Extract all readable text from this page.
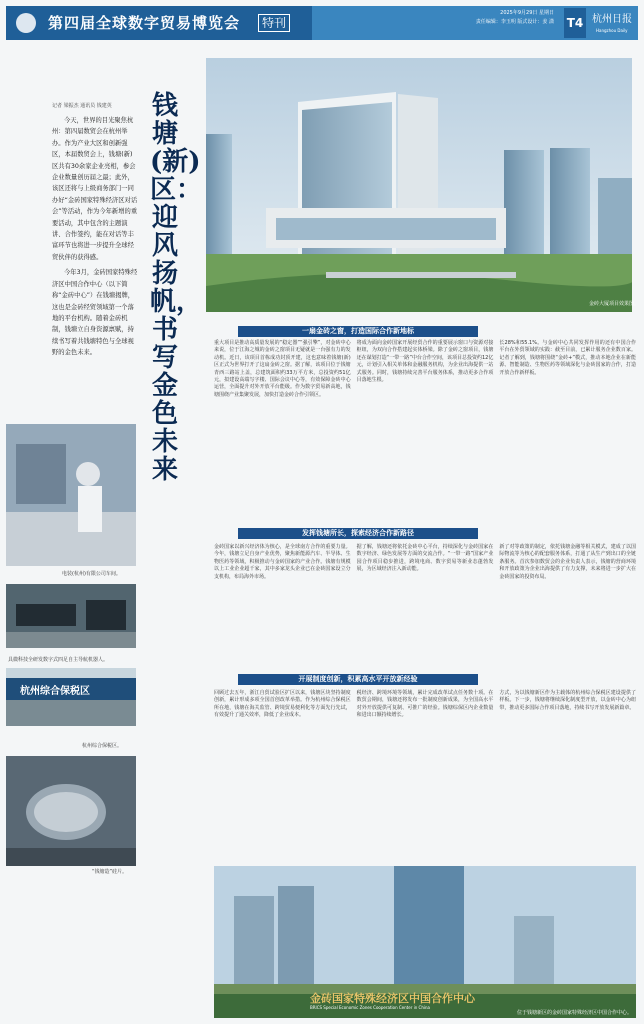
第四届全球数字贸易博览会	特刊
2025年9月29日 星期日
责任编辑：李玉明 版式设计：姜 潇 T4 杭州日报
Hangzhou Daily
记者 梁振杰 通讯员 钱建英

今天，世界的目光聚焦杭州：第四届数贸会在杭州举办。作为产业大区和创新强区，本届数贸会上，钱塘(新)区共有30余家企业亮相，参会企业数量创历届之最；此外，该区还将与上级商务部门一同办好“金砖国家特殊经济区对话会”等活动，作为今年新增的重要活动，其中包含的主题演讲、合作签约，能在对话等丰富环节也将进一步提升全球经贸伙伴的获得感。

今年3月，金砖国家特殊经济区中国合作中心（以下简称“金砖中心”）在钱塘揭牌，这也是金砖经贸领域第一个落地的平台机构。随着金砖机制，钱塘立自身资源禀赋，持续书写着共钱塘特色与全球视野的金色未来。

钱塘(新)区：迎风扬帆，书写金色未来
金砖大厦项目效果图。
电装(杭州)有限公司车间。
具微科技全研发数字式四足自主导航机器人。
杭州综合保税区
杭州综合保税区。
“钱塘造”硅片。
一扇金砖之窗，打造国际合作新地标
重大项目是推动高质量发展的“稳定器”“强引擎”，对金砖中心来说，位于江海之城的金砖之窗项目无疑就是一台强有力的发动机。近日，该项目首栋成功封顶开建，这也意味着钱塘(新)区正式为世界打开了这扇金砖之窗。据了解，该项目位于钱塘青西三路站上盖，总建筑面积约33万平方米，总投资约51亿元，拟建设高端写字楼、国际会议中心等，有效保障金砖中心运营，全面提升对外开放平台能级。作为数字贸易新高地，钱塘围绕产业集聚发展，加快打造金砖合作引领区。
将成为面向金砖国家开展经贸合作的重要展示窗口与资源对接枢纽，为双向合作搭建起实体桥梁。除了金砖之窗项目，钱塘还在谋划打造“一带一路”中台合作空间，该项目总投资约12亿元，计划引入相关单体和金融服务机构，为企业出海提供一站式服务。同时，钱塘持续完善平台服务体系，推动更多合作项目落地生根。
长28%和55.1%。与金砖中心共同发挥作用的还有中国合作平台在外贸领域的实践：截至目前，已累计服务企业数百家。记者了解到，钱塘将围绕“金砖+”模式，推动本地企业在新能源、智能制造、生物医药等领域深化与金砖国家的合作，打造开放合作新样板。
发挥钱塘所长，探索经济合作新路径
金砖国家以新兴经济体为核心，是全球南方合作的重要力量。今年，钱塘立足自身产业优势，聚焦新能源汽车、半导体、生物医药等领域，积极推动与金砖国家的产业合作。钱塘有规模以上工业企业超千家，其中多家龙头企业已在金砖国家设立分支机构，布局海外市场。
据了解，钱塘还将依托金砖中心平台，持续深化与金砖国家在数字经济、绿色发展等方面的交流合作。“一带一路”国家产业园合作项目稳步推进，跨境电商、数字贸易等新业态蓬勃发展，为区域经济注入新动能。
新了对等政策的制定，依托钱塘金融等相关模式，建成了以国际物流等为核心的配套服务体系，打通了从生产到出口的全链条服务。首次参加数贸会的企业负责人表示，钱塘的营商环境和开放政策为企业出海提供了有力支撑，未来将进一步扩大在金砖国家的投资布局。
开展制度创新，积累高水平开放新经验
回顾过去五年，浙江自贸试验区扩区以来，钱塘区块坚持制度创新，累计形成多项全国首创改革举措。作为杭州综合保税区所在地，钱塘在海关监管、跨境贸易便利化等方面先行先试，有效提升了通关效率，降低了企业成本。
税经济、跨境环境等领域，累计完成改革试点任务数十项。在数贸会期间，钱塘还将发布一批制度创新成果，为全国高水平对外开放提供可复制、可推广的经验。钱塘综保区内企业数量和进出口额持续增长。
方式，为以钱塘新区作为主载体的杭州综合保税区建设提供了样板。下一步，钱塘将继续深化制度型开放，以金砖中心为纽带，推动更多国际合作项目落地，持续书写开放发展新篇章。
金砖国家特殊经济区中国合作中心
BRICS Special Economic Zones Cooperation Center in China
位于钱塘新区的金砖国家特殊经济区中国合作中心。
